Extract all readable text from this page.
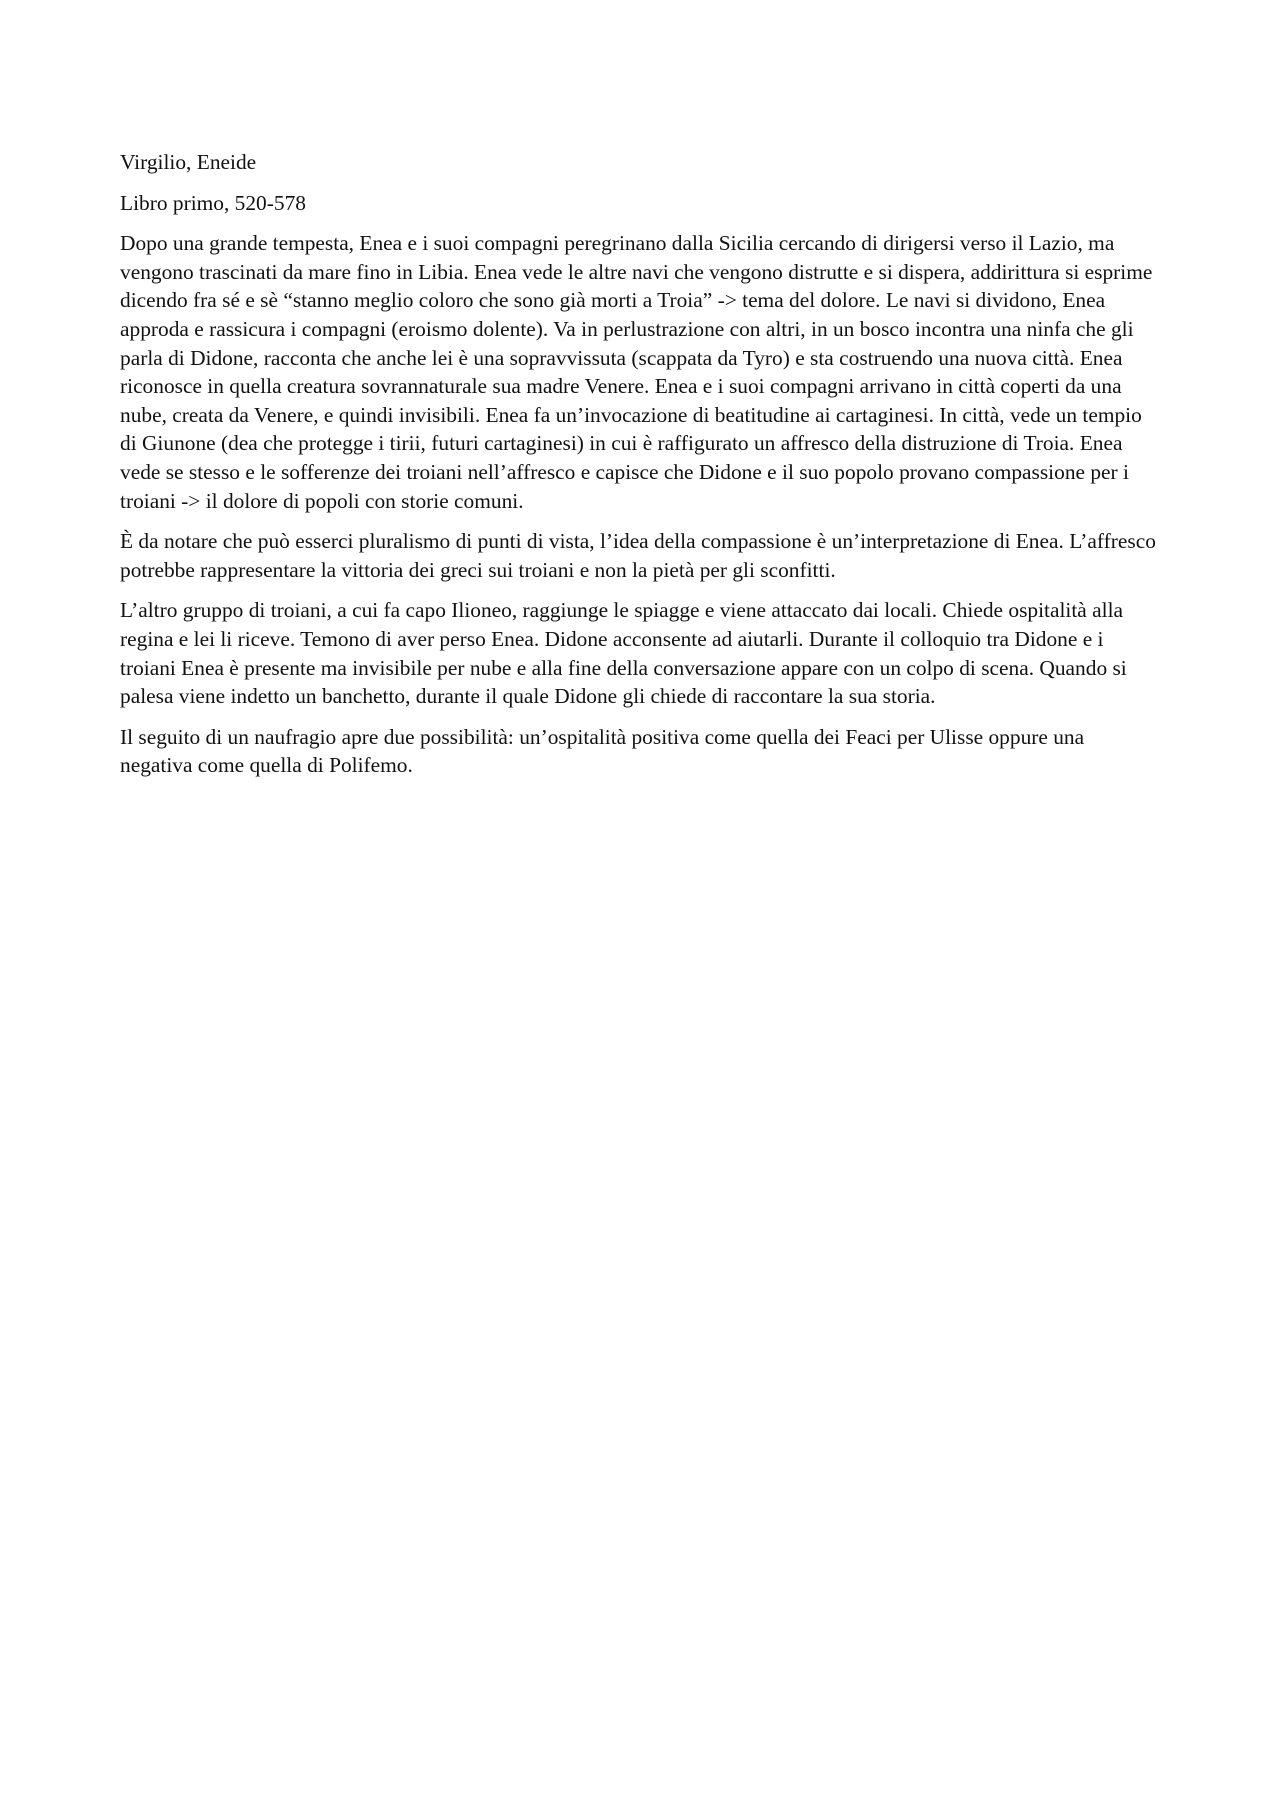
Virgilio, Eneide

Libro primo, 520-578

Dopo una grande tempesta, Enea e i suoi compagni peregrinano dalla Sicilia cercando di dirigersi verso il Lazio, ma vengono trascinati da mare fino in Libia. Enea vede le altre navi che vengono distrutte e si dispera, addirittura si esprime dicendo fra sé e sè “stanno meglio coloro che sono già morti a Troia” -> tema del dolore. Le navi si dividono, Enea approda e rassicura i compagni (eroismo dolente). Va in perlustrazione con altri, in un bosco incontra una ninfa che gli parla di Didone, racconta che anche lei è una sopravvissuta (scappata da Tyro) e sta costruendo una nuova città. Enea riconosce in quella creatura sovrannaturale sua madre Venere. Enea e i suoi compagni arrivano in città coperti da una nube, creata da Venere, e quindi invisibili. Enea fa un’invocazione di beatitudine ai cartaginesi. In città, vede un tempio di Giunone (dea che protegge i tirii, futuri cartaginesi) in cui è raffigurato un affresco della distruzione di Troia. Enea vede se stesso e le sofferenze dei troiani nell’affresco e capisce che Didone e il suo popolo provano compassione per i troiani -> il dolore di popoli con storie comuni.

È da notare che può esserci pluralismo di punti di vista, l’idea della compassione è un’interpretazione di Enea. L’affresco potrebbe rappresentare la vittoria dei greci sui troiani e non la pietà per gli sconfitti.

L’altro gruppo di troiani, a cui fa capo Ilioneo, raggiunge le spiagge e viene attaccato dai locali. Chiede ospitalità alla regina e lei li riceve. Temono di aver perso Enea. Didone acconsente ad aiutarli. Durante il colloquio tra Didone e i troiani Enea è presente ma invisibile per nube e alla fine della conversazione appare con un colpo di scena. Quando si palesa viene indetto un banchetto, durante il quale Didone gli chiede di raccontare la sua storia.

Il seguito di un naufragio apre due possibilità: un’ospitalità positiva come quella dei Feaci per Ulisse oppure una negativa come quella di Polifemo.
